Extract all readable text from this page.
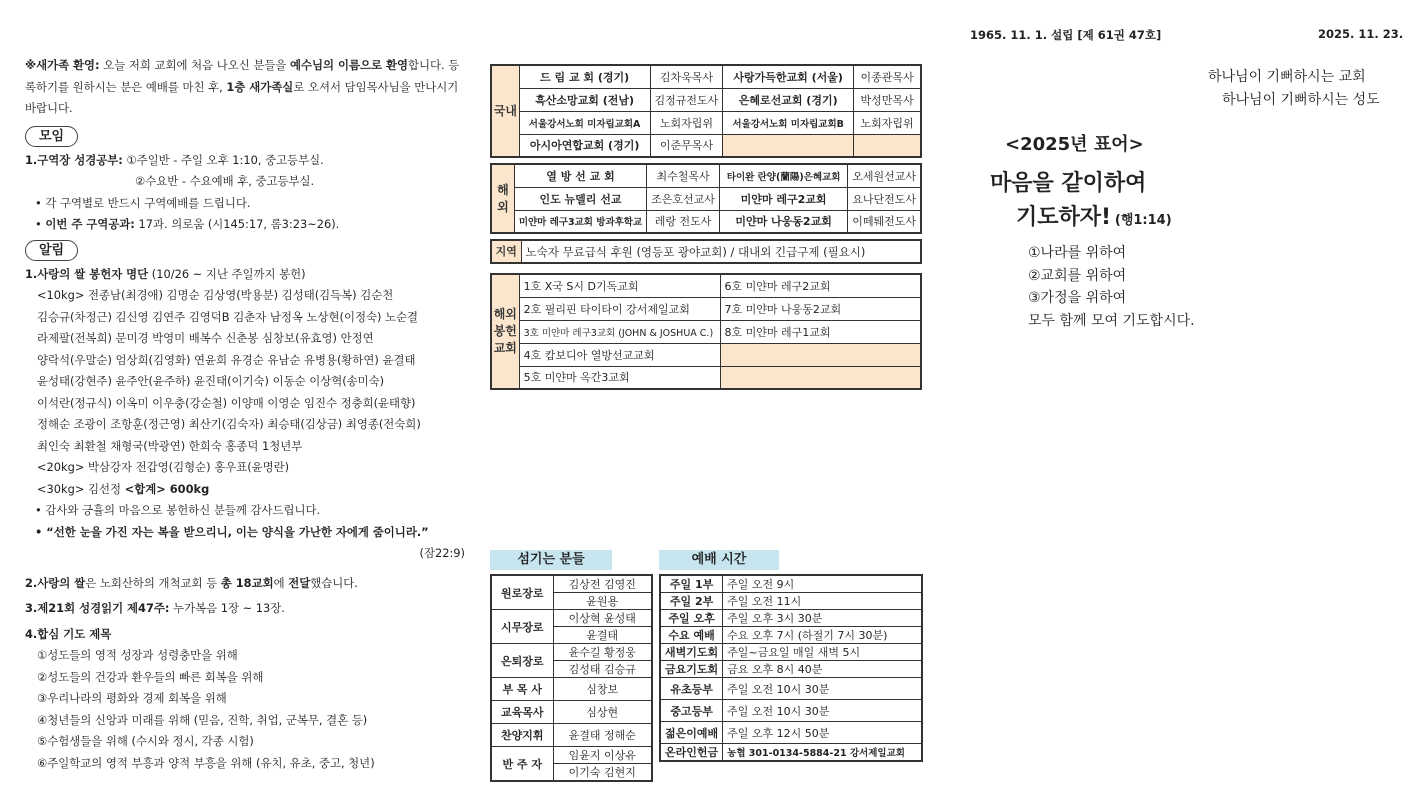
1965. 11. 1. 설립 [제 61권 47호]	2025. 11. 23.
※새가족 환영: 오늘 저희 교회에 처음 나오신 분들을 예수님의 이름으로 환영합니다. 등록하기를 원하시는 분은 예배를 마친 후, 1층 새가족실로 오셔서 담임목사님을 만나시기 바랍니다.
모임
1.구역장 성경공부: ①주일반 - 주일 오후 1:10, 중고등부실.
②수요반 - 수요예배 후, 중고등부실.
• 각 구역별로 반드시 구역예배를 드립니다.
• 이번 주 구역공과: 17과. 의로움 (시145:17, 롬3:23~26).
알림
1.사랑의 쌀 봉헌자 명단 (10/26 ~ 지난 주일까지 봉헌)
<10kg> 전종남(최경애) 김명순 김상영(박용분) 김성태(김득복) 김순천
김승규(차정근) 김신영 김연주 김영덕B 김춘자 남정옥 노상현(이정숙) 노순결
라제팔(전복희) 문미경 박영미 배복수 신춘봉 심창보(유효영) 안정연
양락석(우말순) 엄상희(김영화) 연윤희 유경순 유남순 유병용(황하연) 윤결태
윤성태(강현주) 윤주안(윤주하) 윤진태(이기숙) 이동순 이상혁(송미숙)
이석란(정규식) 이옥미 이우충(강순철) 이양매 이영순 임진수 정충희(윤태향)
정해순 조광이 조항훈(정근영) 최산기(김숙자) 최승태(김상금) 최영종(전숙희)
최인숙 최환철 채형국(박광연) 한희숙 홍종덕 1청년부
<20kg> 박삼강자 전갑영(김형순) 홍우표(윤명란)
<30kg> 김선정 <합계> 600kg
• 감사와 긍휼의 마음으로 봉헌하신 분들께 감사드립니다.
• “선한 눈을 가진 자는 복을 받으리니, 이는 양식을 가난한 자에게 줌이니라.”
(잠22:9)
2.사랑의 쌀은 노회산하의 개척교회 등 총 18교회에 전달했습니다.
3.제21회 성경읽기 제47주: 누가복음 1장 ~ 13장.
4.합심 기도 제목
①성도들의 영적 성장과 성령충만을 위해
②성도들의 건강과 환우들의 빠른 회복을 위해
③우리나라의 평화와 경제 회복을 위해
④청년들의 신앙과 미래를 위해 (믿음, 진학, 취업, 군복무, 결혼 등)
⑤수험생들을 위해 (수시와 정시, 각종 시험)
⑥주일학교의 영적 부흥과 양적 부흥을 위해 (유치, 유초, 중고, 청년)
국내	드 림 교 회 (경기)	김차욱목사	사랑가득한교회 (서울)	이종관목사
	흑산소망교회 (전남)	김정규전도사	은혜로선교회 (경기)	박성만목사
	서울강서노회 미자립교회A	노회자립위	서울강서노회 미자립교회B	노회자립위
	아시아연합교회 (경기)	이준무목사		
해외	열 방 선 교 회	최수철목사	타이완 란양(蘭陽)은혜교회	오세원선교사
	인도 뉴델리 선교	조은호선교사	미얀마 레구2교회	요나단전도사
	미얀마 레구3교회 방과후학교	레랑 전도사	미얀마 나웅동2교회	이떼퉤전도사
지역	노숙자 무료급식 후원 (영등포 광야교회) / 대내외 긴급구제 (필요시)
해외봉헌교회	1호 X국 S시 D기독교회	6호 미얀마 레구2교회
	2호 필리핀 타이타이 강서제일교회	7호 미얀마 나웅동2교회
	3호 미얀마 레구3교회 (JOHN & JOSHUA C.)	8호 미얀마 레구1교회
	4호 캄보디아 열방선교교회	
	5호 미얀마 옥간3교회	
섬기는 분들
원로장로	김상전 김영진
	윤원용
시무장로	이상혁 윤성태
	윤결태
은퇴장로	윤수길 황정웅
	김성태 김승규
부 목 사	심창보
교육목사	심상현
찬양지휘	윤결태 정해순
반 주 자	임윤지 이상유
	이기숙 김현지
예배 시간
주일 1부	주일 오전 9시
주일 2부	주일 오전 11시
주일 오후	주일 오후 3시 30분
수요 예배	수요 오후 7시 (하절기 7시 30분)
새벽기도회	주일~금요일 매일 새벽 5시
금요기도회	금요 오후 8시 40분
유초등부	주일 오전 10시 30분
중고등부	주일 오전 10시 30분
젊은이예배	주일 오후 12시 50분
온라인헌금	농협 301-0134-5884-21 강서제일교회
하나님이 기뻐하시는 교회
하나님이 기뻐하시는 성도
<2025년 표어>
마음을 같이하여
기도하자! (행1:14)
①나라를 위하여
②교회를 위하여
③가정을 위하여
모두 함께 모여 기도합시다.
